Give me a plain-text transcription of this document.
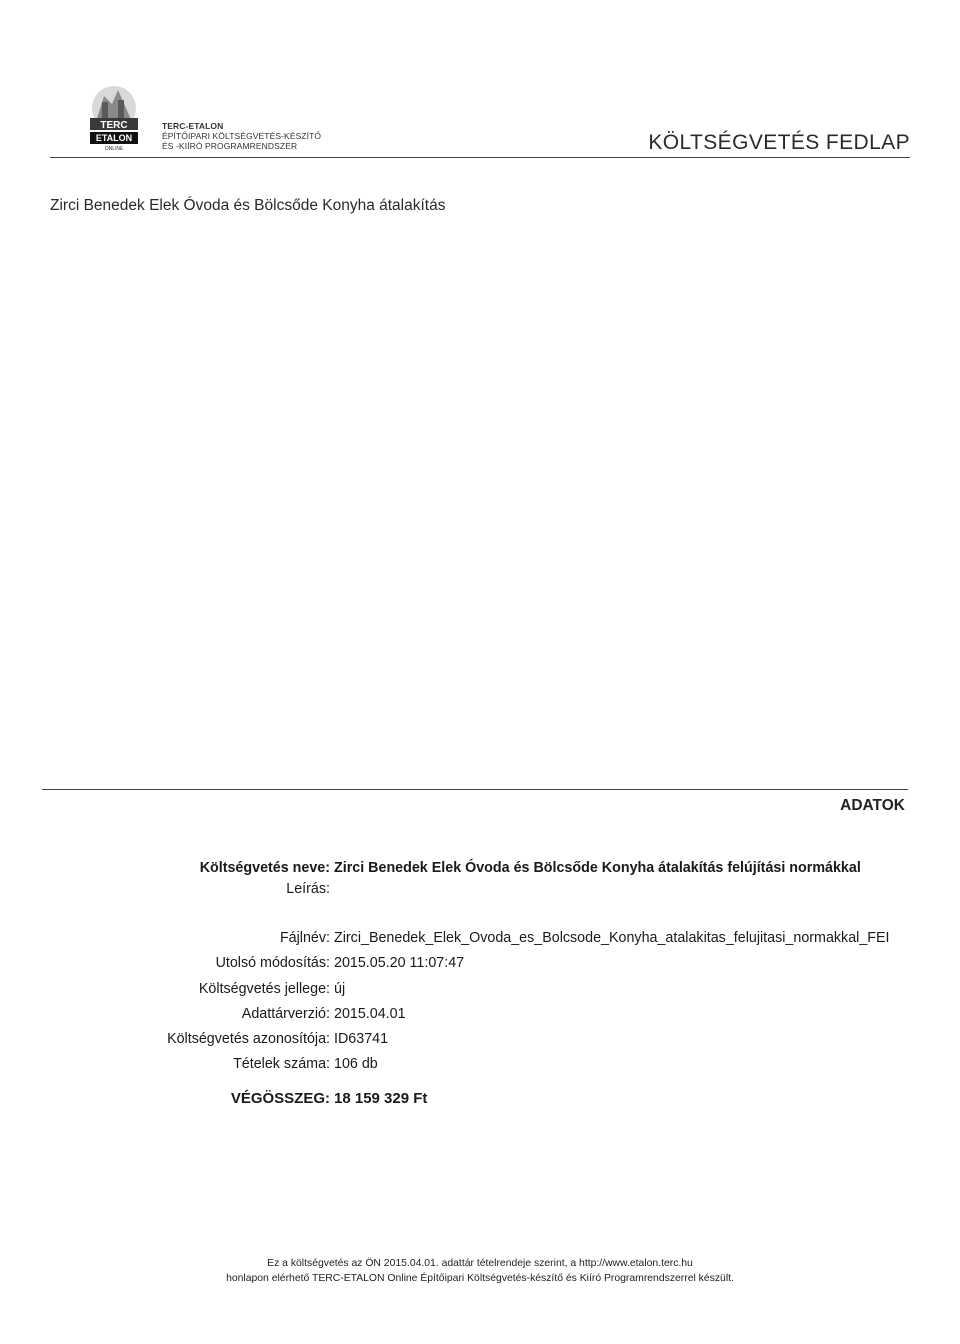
TERC
ETALON
ONLINE
TERC-ETALON
ÉPÍTŐIPARI KÖLTSÉGVETÉS-KÉSZÍTŐ
ÉS -KIÍRÓ PROGRAMRENDSZER	KÖLTSÉGVETÉS FEDLAP
Zirci Benedek Elek Óvoda és Bölcsőde Konyha átalakítás
ADATOK
Költségvetés neve: Zirci Benedek Elek Óvoda és Bölcsőde Konyha átalakítás felújítási normákkal
Leírás:
Fájlnév: Zirci_Benedek_Elek_Ovoda_es_Bolcsode_Konyha_atalakitas_felujitasi_normakkal_FEI
Utolsó módosítás: 2015.05.20 11:07:47
Költségvetés jellege: új
Adattárverzió: 2015.04.01
Költségvetés azonosítója: ID63741
Tételek száma: 106 db
VÉGÖSSZEG: 18 159 329 Ft
Ez a költségvetés az ÖN 2015.04.01. adattár tételrendeje szerint, a http://www.etalon.terc.hu
honlapon elérhető TERC-ETALON Online Építőipari Költségvetés-készítő és Kiíró Programrendszerrel készült.
